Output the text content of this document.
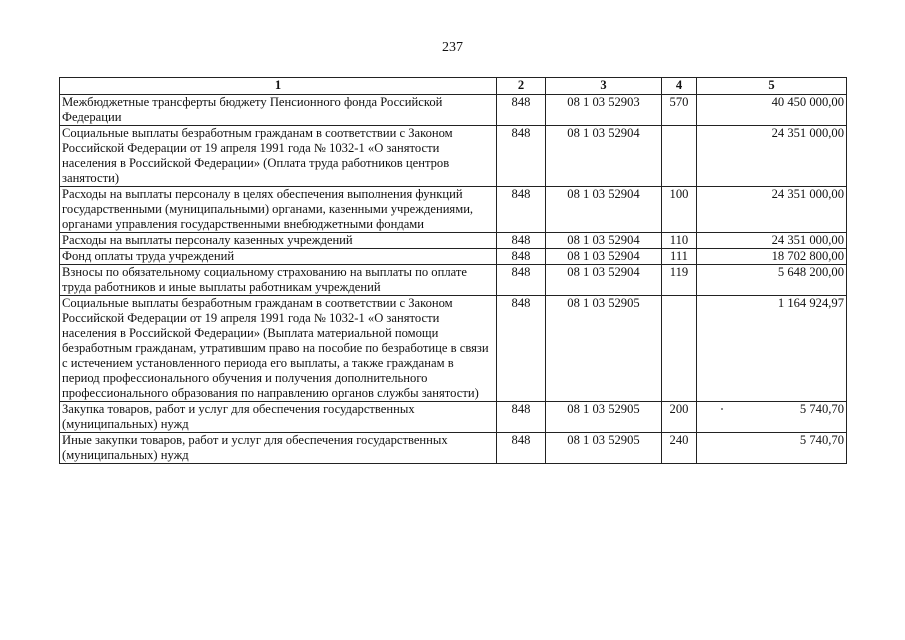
237
1	2	3	4	5
Межбюджетные трансферты бюджету Пенсионного фонда Российской Федерации	848	08 1 03 52903	570	40 450 000,00
Социальные выплаты безработным гражданам в соответствии с Законом Российской Федерации от 19 апреля 1991 года № 1032-1 «О занятости населения в Российской Федерации» (Оплата труда работников центров занятости)	848	08 1 03 52904		24 351 000,00
Расходы на выплаты персоналу в целях обеспечения выполнения функций государственными (муниципальными) органами, казенными учреждениями, органами управления государственными внебюджетными фондами	848	08 1 03 52904	100	24 351 000,00
Расходы на выплаты персоналу казенных учреждений	848	08 1 03 52904	110	24 351 000,00
Фонд оплаты труда учреждений	848	08 1 03 52904	111	18 702 800,00
Взносы по обязательному социальному страхованию на выплаты по оплате труда работников и иные выплаты работникам учреждений	848	08 1 03 52904	119	5 648 200,00
Социальные выплаты безработным гражданам в соответствии с Законом Российской Федерации от 19 апреля 1991 года № 1032-1 «О занятости населения в Российской Федерации» (Выплата материальной помощи безработным гражданам, утратившим право на пособие по безработице в связи с истечением установленного периода его выплаты, а также гражданам в период профессионального обучения и получения дополнительного профессионального образования по направлению органов службы занятости)	848	08 1 03 52905		1 164 924,97
Закупка товаров, работ и услуг для обеспечения государственных (муниципальных) нужд	848	08 1 03 52905	200	5 740,70
Иные закупки товаров, работ и услуг для обеспечения государственных (муниципальных) нужд	848	08 1 03 52905	240	5 740,70
